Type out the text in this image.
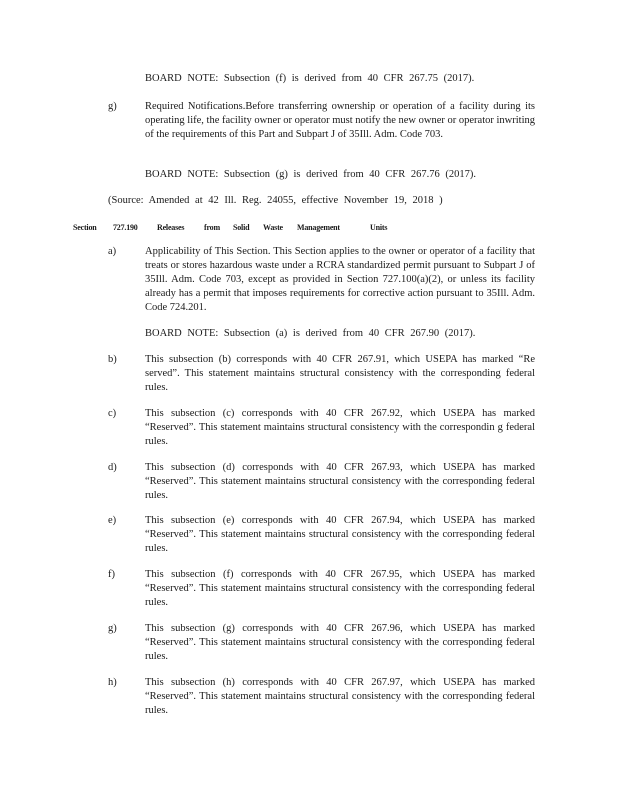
BOARD NOTE: Subsection (f) is derived from 40 CFR 267.75 (2017).
g)	Required Notifications.Before transferring ownership or operation of a facility during its operating life, the facility owner or operator must notify the new owner or operator inwriting of the requirements of this Part and Subpart J of 35Ill. Adm. Code 703.
BOARD NOTE: Subsection (g) is derived from 40 CFR 267.76 (2017).
(Source: Amended at 42 Ill. Reg. 24055, effective November 19, 2018 )
Section 727.190 Releases from Solid Waste Management	Units
a)	Applicability of This Section. This Section applies to the owner or operator of a facility that treats or stores hazardous waste under a RCRA standardized permit pursuant to Subpart J of 35Ill. Adm. Code 703, except as provided in Section 727.100(a)(2), or unless its facility already has a permit that imposes requirements for corrective action pursuant to 35Ill. Adm. Code 724.201.
BOARD NOTE: Subsection (a) is derived from 40 CFR 267.90 (2017).
b)	This subsection (b) corresponds with 40 CFR 267.91, which USEPA has marked “Re served”. This statement maintains structural consistency with the corresponding federal rules.
c)	This subsection (c) corresponds with 40 CFR 267.92, which USEPA has marked “Reserved”. This statement maintains structural consistency with the correspondin g federal rules.
d)	This subsection (d) corresponds with 40 CFR 267.93, which USEPA has marked “Reserved”. This statement maintains structural consistency with the corresponding federal rules.
e)	This subsection (e) corresponds with 40 CFR 267.94, which USEPA has marked “Reserved”. This statement maintains structural consistency with the corresponding federal rules.
f)	This subsection (f) corresponds with 40 CFR 267.95, which USEPA has marked “Reserved”. This statement maintains structural consistency with the corresponding federal rules.
g)	This subsection (g) corresponds with 40 CFR 267.96, which USEPA has marked “Reserved”. This statement maintains structural consistency with the corresponding federal rules.
h)	This subsection (h) corresponds with 40 CFR 267.97, which USEPA has marked “Reserved”. This statement maintains structural consistency with the corresponding federal rules.
